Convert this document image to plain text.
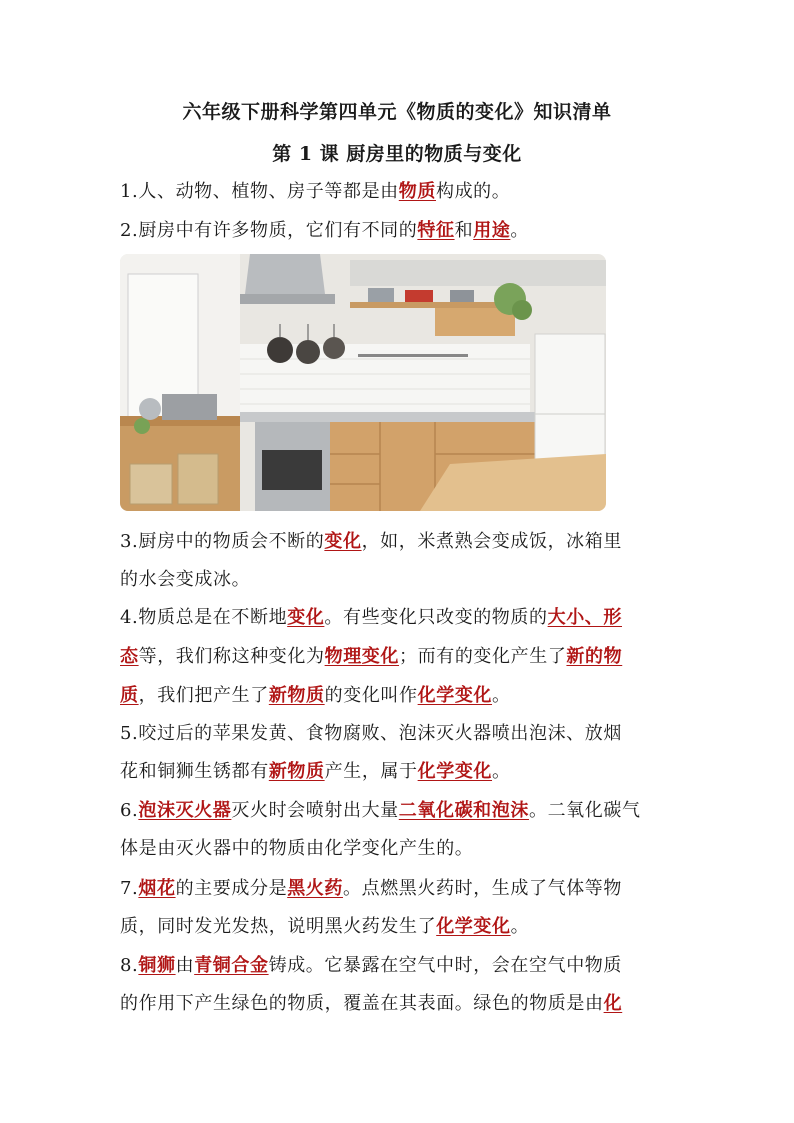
六年级下册科学第四单元《物质的变化》知识清单
第 1 课 厨房里的物质与变化
1.人、动物、植物、房子等都是由物质构成的。
2.厨房中有许多物质，它们有不同的特征和用途。
3.厨房中的物质会不断的变化，如，米煮熟会变成饭，冰箱里
的水会变成冰。
4.物质总是在不断地变化。有些变化只改变的物质的大小、形
态等，我们称这种变化为物理变化；而有的变化产生了新的物
质，我们把产生了新物质的变化叫作化学变化。
5.咬过后的苹果发黄、食物腐败、泡沫灭火器喷出泡沫、放烟
花和铜狮生锈都有新物质产生，属于化学变化。
6.泡沫灭火器灭火时会喷射出大量二氧化碳和泡沫。二氧化碳气
体是由灭火器中的物质由化学变化产生的。
7.烟花的主要成分是黑火药。点燃黑火药时，生成了气体等物
质，同时发光发热，说明黑火药发生了化学变化。
8.铜狮由青铜合金铸成。它暴露在空气中时，会在空气中物质
的作用下产生绿色的物质，覆盖在其表面。绿色的物质是由化
